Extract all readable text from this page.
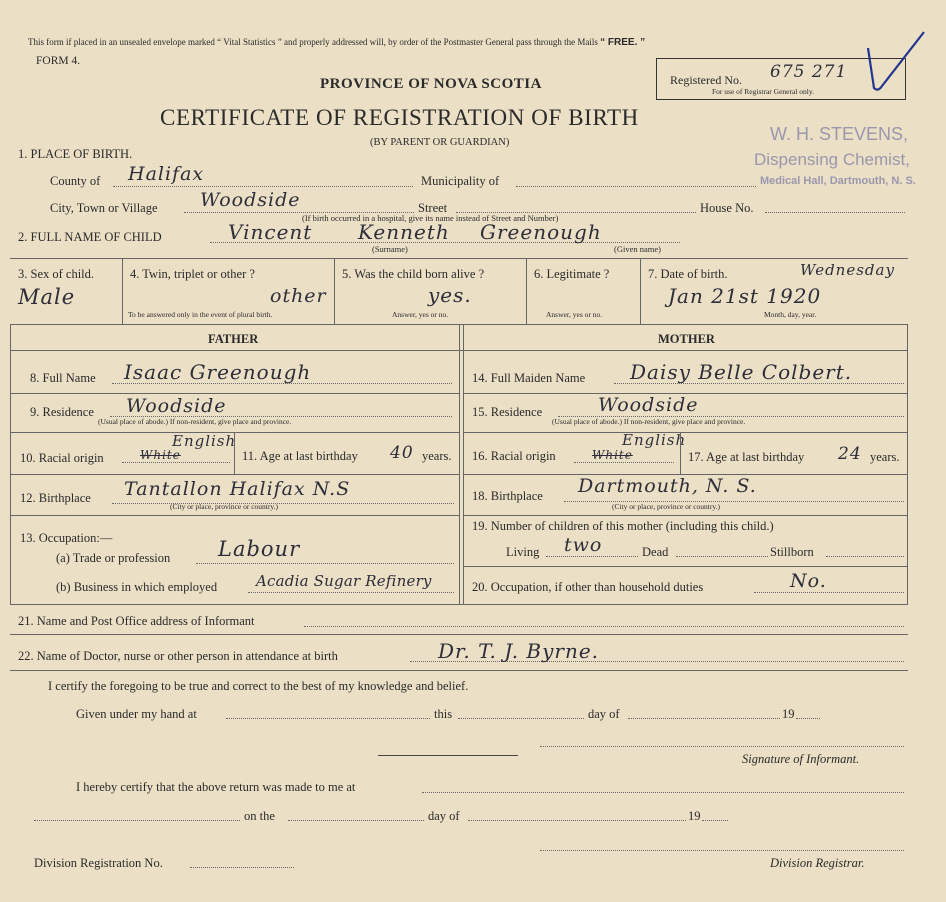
This form if placed in an unsealed envelope marked “ Vital Statistics ” and properly addressed will, by order of the Postmaster General pass through the Mails “ FREE. ”
FORM 4.
PROVINCE OF NOVA SCOTIA
CERTIFICATE OF REGISTRATION OF BIRTH
(BY PARENT OR GUARDIAN)
Registered No. 675 271
For use of Registrar General only.
W. H. STEVENS,
Dispensing Chemist,
Medical Hall, Dartmouth, N. S.
1. PLACE OF BIRTH.
County of Halifax	Municipality of
City, Town or Village Woodside	Street	House No.
(If birth occurred in a hospital, give its name instead of Street and Number)
2. FULL NAME OF CHILD	Vincent Kenneth Greenough
(Surname)	(Given name)
3. Sex of child.
Male
4. Twin, triplet or other ?
other
To be answered only in the event of plural birth.
5. Was the child born alive ?
yes.
Answer, yes or no.
6. Legitimate ?
Answer, yes or no.
7. Date of birth.	Wednesday
Jan 21st 1920
Month, day, year.
FATHER	MOTHER
8. Full Name Isaac Greenough
9. Residence Woodside
(Usual place of abode.) If non-resident, give place and province.
10. Racial origin	White
English
11. Age at last birthday 40 years.
12. Birthplace Tantallon Halifax N.S
(City or place, province or country.)
13. Occupation:—
(a) Trade or profession Labour
(b) Business in which employed	Acadia Sugar Refinery
14. Full Maiden Name Daisy Belle Colbert.
15. Residence	Woodside
(Usual place of abode.) If non-resident, give place and province.
16. Racial origin	White
English
17. Age at last birthday 24 years.
18. Birthplace Dartmouth, N. S.
(City or place, province or country.)
19. Number of children of this mother (including this child.)
Living two	Dead	Stillborn
20. Occupation, if other than household duties	No.
21. Name and Post Office address of Informant
22. Name of Doctor, nurse or other person in attendance at birth	Dr. T. J. Byrne.
I certify the foregoing to be true and correct to the best of my knowledge and belief.
Given under my hand at	this	day of	19
Signature of Informant.
I hereby certify that the above return was made to me at
on the	day of	19
Division Registration No.	Division Registrar.
